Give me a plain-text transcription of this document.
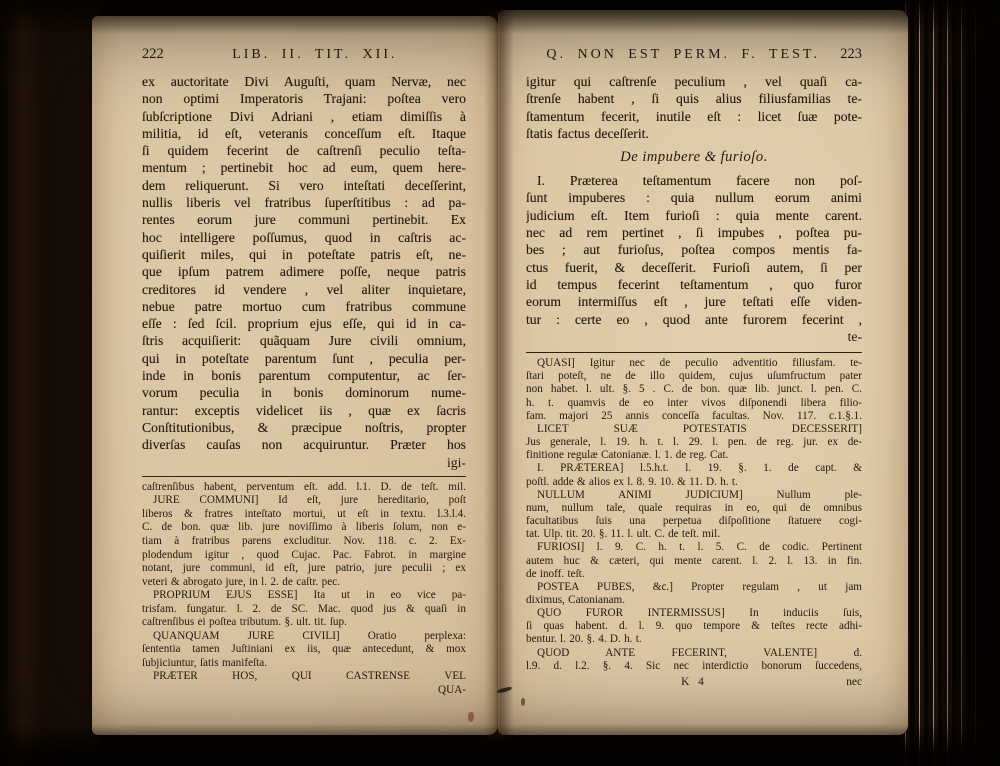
222	LIB. II. TIT. XII.
ex auctoritate Divi Auguſti, quam Nervæ, nec
non optimi Imperatoris Trajani: poſtea vero
ſubſcriptione Divi Adriani , etiam dimiſſis à
militia, id eſt, veteranis conceſſum eſt. Itaque
ſi quidem fecerint de caſtrenſi peculio teſta-
mentum ; pertinebit hoc ad eum, quem here-
dem reliquerunt. Si vero inteſtati deceſſerint,
nullis liberis vel fratribus ſuperſtitibus : ad pa-
rentes eorum jure communi pertinebit. Ex
hoc intelligere poſſumus, quod in caſtris ac-
quiſierit miles, qui in poteſtate patris eſt, ne-
que ipſum patrem adimere poſſe, neque patris
creditores id vendere , vel aliter inquietare,
nebue patre mortuo cum fratribus commune
eſſe : ſed ſcil. proprium ejus eſſe, qui id in ca-
ſtris acquiſierit: quãquam Jure civili omnium,
qui in poteſtate parentum ſunt , peculia per-
inde in bonis parentum computentur, ac ſer-
vorum peculia in bonis dominorum nume-
rantur: exceptis videlicet iis , quæ ex ſacris
Conſtitutionibus, & præcipue noſtris, propter
diverſas cauſas non acquiruntur. Præter hos
igi-
caſtrenſibus habent, perventum eſt. add. l.1. D. de teſt. mil.
JURE COMMUNI] Id eſt, jure hereditario, poſt
liberos & fratres inteſtato mortui, ut eſt in textu. l.3.l.4.
C. de bon. quæ lib. jure noviſſimo à liberis ſolum, non e-
tiam à fratribus parens excluditur. Nov. 118. c. 2. Ex-
plodendum igitur , quod Cujac. Pac. Fabrot. in margine
notant, jure communi, id eſt, jure patrio, jure peculii ; ex
veteri & abrogato jure, in l. 2. de caſtr. pec.
PROPRIUM EJUS ESSE] Ita ut in eo vice pa-
trisfam. fungatur. l. 2. de SC. Mac. quod jus & quaſi in
caſtrenſibus ei poſtea tributum. §. ult. tit. ſup.
QUANQUAM JURE CIVILI] Oratio perplexa:
ſententia tamen Juſtiniani ex iis, quæ antecedunt, & mox
ſubjiciuntur, ſatis manifeſta.
PRÆTER HOS, QUI CASTRENSE VEL
QUA-
Q. NON EST PERM. F. TEST.	223
igitur qui caſtrenſe peculium , vel quaſi ca-
ſtrenſe habent , ſi quis alius filiusfamilias te-
ſtamentum fecerit, inutile eſt : licet ſuæ pote-
ſtatis factus deceſſerit.
De impubere & furioſo.
I. Præterea teſtamentum facere non poſ-
ſunt impuberes : quia nullum eorum animi
judicium eſt. Item furioſi : quia mente carent.
nec ad rem pertinet , ſi impubes , poſtea pu-
bes ; aut furioſus, poſtea compos mentis fa-
ctus fuerit, & deceſſerit. Furioſi autem, ſi per
id tempus fecerint teſtamentum , quo furor
eorum intermiſſus eſt , jure teſtati eſſe viden-
tur : certe eo , quod ante furorem fecerint ,
te-
QUASI] Igitur nec de peculio adventitio filiusfam. te-
ſtari poteſt, ne de illo quidem, cujus uſumfructum pater
non habet. l. ult. §. 5 . C. de bon. quæ lib. junct. l. pen. C.
h. t. quamvis de eo inter vivos diſponendi libera filio-
fam. majori 25 annis conceſſa facultas. Nov. 117. c.1.§.1.
LICET SUÆ POTESTATIS DECESSERIT]
Jus generale, l. 19. h. t. l. 29. l. pen. de reg. jur. ex de-
finitione regulæ Catonianæ. l. 1. de reg. Cat.
I. PRÆTEREA] l.5.h.t. l. 19. §. 1. de capt. &
poſtl. adde & alios ex l. 8. 9. 10. & 11. D. h. t.
NULLUM ANIMI JUDICIUM] Nullum ple-
num, nullum tale, quale requiras in eo, qui de omnibus
facultatibus ſuis una perpetua diſpoſitione ſtatuere cogi-
tat. Ulp. tit. 20. §. 11. l. ult. C. de teſt. mil.
FURIOSI] l. 9. C. h. t. l. 5. C. de codic. Pertinent
autem huc & cæteri, qui mente carent. l. 2. l. 13. in fin.
de inoff. teſt.
POSTEA PUBES, &c.] Propter regulam , ut jam
diximus, Catonianam.
QUO FUROR INTERMISSUS] In induciis ſuis,
ſi quas habent. d. l. 9. quo tempore & teſtes recte adhi-
bentur. l. 20. §. 4. D. h. t.
QUOD ANTE FECERINT, VALENTE] d.
l.9. d. l.2. §. 4. Sic nec interdictio bonorum ſuccedens,
K 4	nec
